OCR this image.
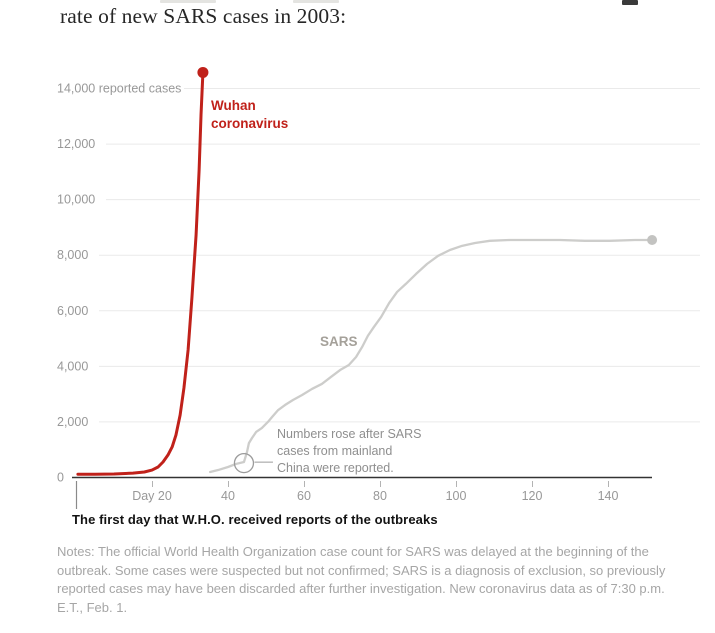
rate of new SARS cases in 2003:
14,000 reported cases
12,000
10,000
8,000
6,000
4,000
2,000
0
Day 20	40	60	80	100	120	140
Numbers rose after SARS
cases from mainland
China were reported.
Wuhan
coronavirus
SARS
The first day that W.H.O. received reports of the outbreaks
Notes: The official World Health Organization case count for SARS was delayed at the beginning of the
outbreak. Some cases were suspected but not confirmed; SARS is a diagnosis of exclusion, so previously
reported cases may have been discarded after further investigation. New coronavirus data as of 7:30 p.m.
E.T., Feb. 1.
